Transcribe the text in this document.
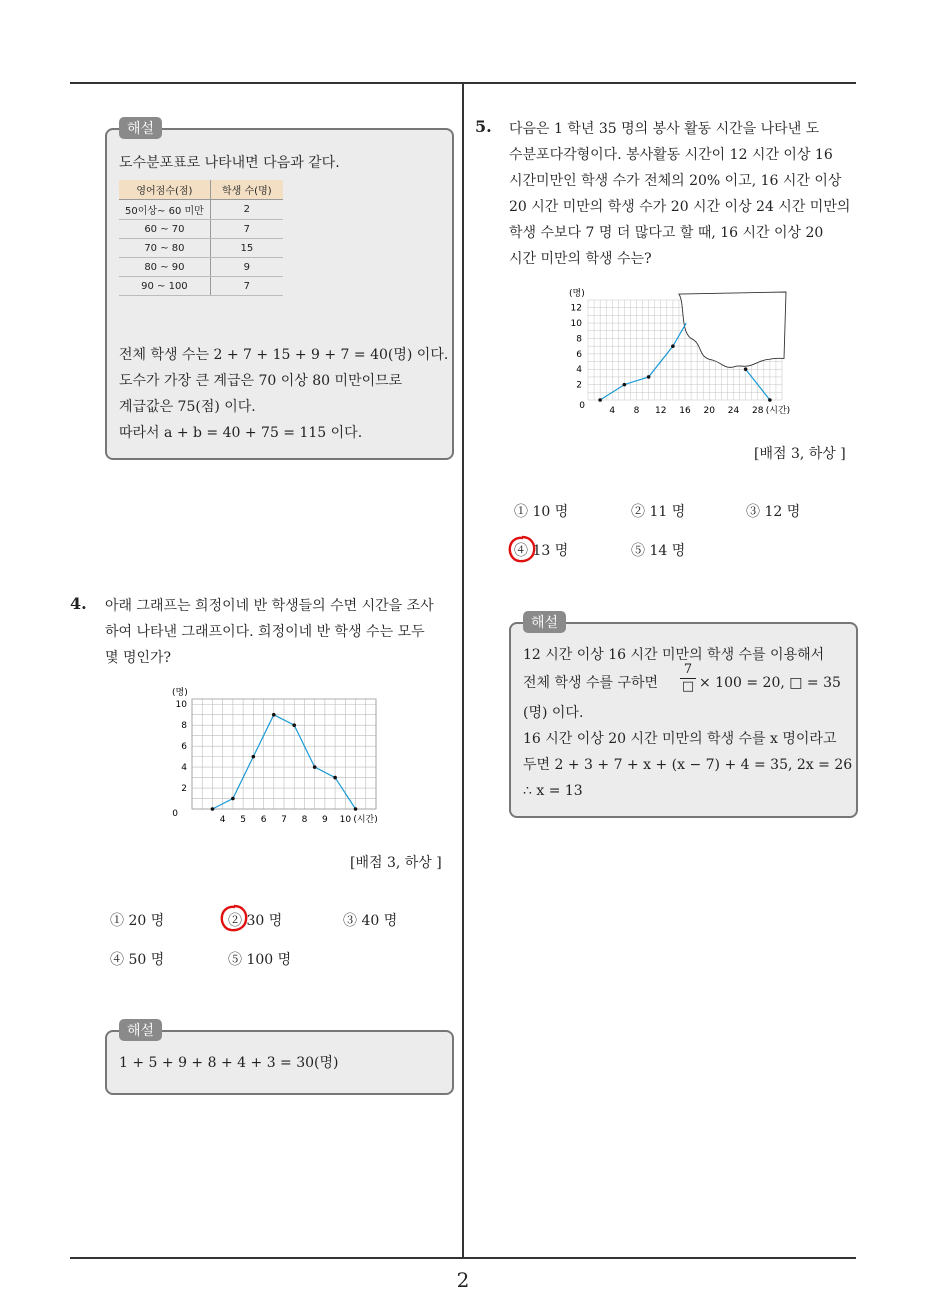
2
도수분포표로 나타내면 다음과 같다.
영어점수(점)	학생 수(명)
50이상~ 60 미만	2
60 ~ 70	7
70 ~ 80	15
80 ~ 90	9
90 ~ 100	7
전체 학생 수는 2 + 7 + 15 + 9 + 7 = 40(명) 이다.
도수가 가장 큰 계급은 70 이상 80 미만이므로
계급값은 75(점) 이다.
따라서 a + b = 40 + 75 = 115 이다.
해설
4. 아래 그래프는 희정이네 반 학생들의 수면 시간을 조사
하여 나타낸 그래프이다. 희정이네 반 학생 수는 모두
몇 명인가?
0
2
4
6
8
10
4 5 6 7 8 9 10
(명)
(시간)
[배점 3, 하상 ]
① 20 명	② 30 명	③ 40 명
④ 50 명	⑤ 100 명
1 + 5 + 9 + 8 + 4 + 3 = 30(명)
해설
5. 다음은 1 학년 35 명의 봉사 활동 시간을 나타낸 도
수분포다각형이다. 봉사활동 시간이 12 시간 이상 16
시간미만인 학생 수가 전체의 20% 이고, 16 시간 이상
20 시간 미만의 학생 수가 20 시간 이상 24 시간 미만의
학생 수보다 7 명 더 많다고 할 때, 16 시간 이상 20
시간 미만의 학생 수는?
0
2
4
6
8
10
12
4 8 12 16 20 24 28
(명)
(시간)
[배점 3, 하상 ]
① 10 명	② 11 명	③ 12 명
④ 13 명	⑤ 14 명
12 시간 이상 16 시간 미만의 학생 수를 이용해서
전체 학생 수를 구하면
7
□ × 100 = 20, □ = 35
(명) 이다.
16 시간 이상 20 시간 미만의 학생 수를 x 명이라고
두면 2 + 3 + 7 + x + (x − 7) + 4 = 35, 2x = 26
∴ x = 13
해설
